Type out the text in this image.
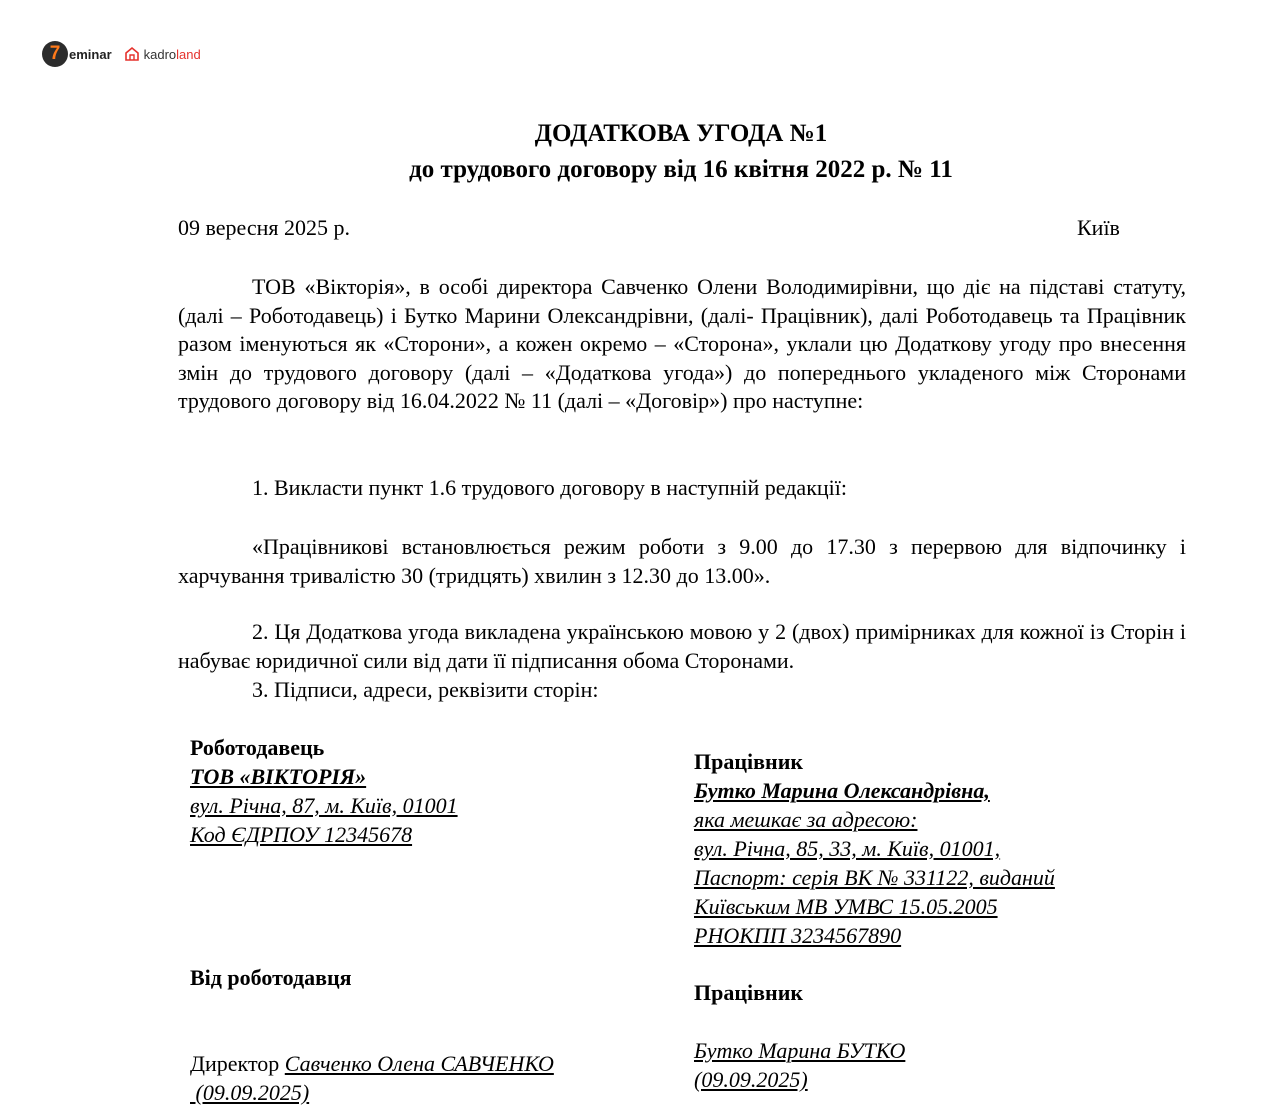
7 eminar kadro land
ДОДАТКОВА УГОДА №1
до трудового договору від 16 квітня 2022 р. № 11
09 вересня 2025 р.	Київ
ТОВ «Вікторія», в особі директора Савченко Олени Володимирівни, що діє на підставі статуту, (далі – Роботодавець) і Бутко Марини Олександрівни, (далі- Працівник), далі Роботодавець та Працівник разом іменуються як «Сторони», а кожен окремо – «Сторона», уклали цю Додаткову угоду про внесення змін до трудового договору (далі – «Додаткова угода») до попереднього укладеного між Сторонами трудового договору від 16.04.2022 № 11 (далі – «Договір») про наступне:
1. Викласти пункт 1.6 трудового договору в наступній редакції:
«Працівникові встановлюється режим роботи з 9.00 до 17.30 з перервою для відпочинку і харчування тривалістю 30 (тридцять) хвилин з 12.30 до 13.00».
2. Ця Додаткова угода викладена українською мовою у 2 (двох) примірниках для кожної із Сторін і набуває юридичної сили від дати її підписання обома Сторонами.
3. Підписи, адреси, реквізити сторін:
Роботодавець
ТОВ «ВІКТОРІЯ»
вул. Річна, 87, м. Київ, 01001
Код ЄДРПОУ 12345678
Працівник
Бутко Марина Олександрівна,
яка мешкає за адресою:
вул. Річна, 85, 33, м. Київ, 01001,
Паспорт: серія ВК № 331122, виданий
Київським МВ УМВС 15.05.2005
РНОКПП 3234567890
Від роботодавця
Працівник
Директор Савченко Олена САВЧЕНКО
(09.09.2025)
Бутко Марина БУТКО
(09.09.2025)
